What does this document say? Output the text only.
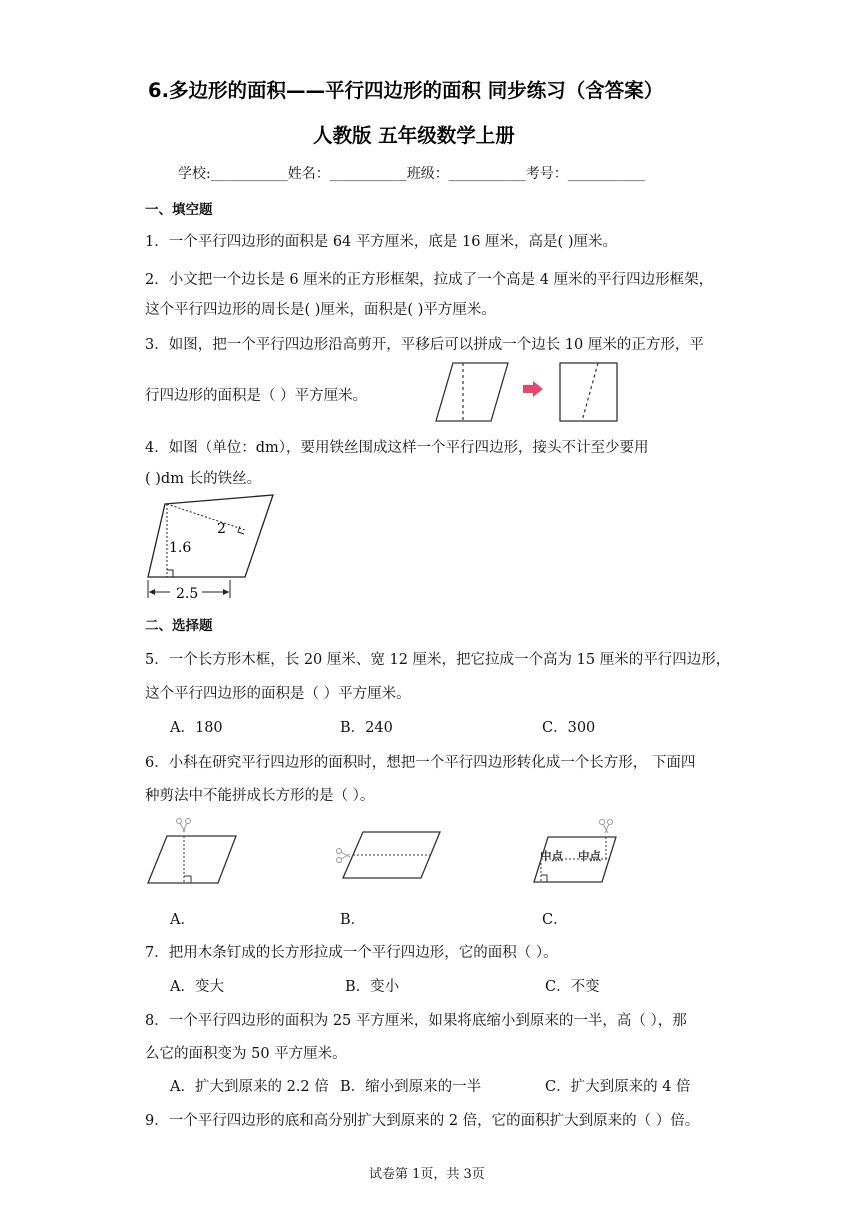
6.多边形的面积——平行四边形的面积 同步练习（含答案）
人教版 五年级数学上册
学校:___________姓名：___________班级：___________考号：___________
一、填空题
1．一个平行四边形的面积是 64 平方厘米，底是 16 厘米，高是( )厘米。
2．小文把一个边长是 6 厘米的正方形框架，拉成了一个高是 4 厘米的平行四边形框架，
这个平行四边形的周长是( )厘米，面积是( )平方厘米。
3．如图，把一个平行四边形沿高剪开，平移后可以拼成一个边长 10 厘米的正方形，平
行四边形的面积是（ ）平方厘米。
4．如图（单位：dm），要用铁丝围成这样一个平行四边形，接头不计至少要用
( )dm 长的铁丝。
1.6
2
2.5
二、选择题
5．一个长方形木框，长 20 厘米、宽 12 厘米，把它拉成一个高为 15 厘米的平行四边形，
这个平行四边形的面积是（ ）平方厘米。
A．180	B．240	C．300
6．小科在研究平行四边形的面积时，想把一个平行四边形转化成一个长方形， 下面四
种剪法中不能拼成长方形的是（ ）。
中点 中点
A．	B．	C．
7．把用木条钉成的长方形拉成一个平行四边形，它的面积（ ）。
A．变大	B．变小	C．不变
8．一个平行四边形的面积为 25 平方厘米，如果将底缩小到原来的一半，高（ ），那
么它的面积变为 50 平方厘米。
A．扩大到原来的 2.2 倍 B．缩小到原来的一半	C．扩大到原来的 4 倍
9．一个平行四边形的底和高分别扩大到原来的 2 倍，它的面积扩大到原来的（ ）倍。
试卷第 1页，共 3页
